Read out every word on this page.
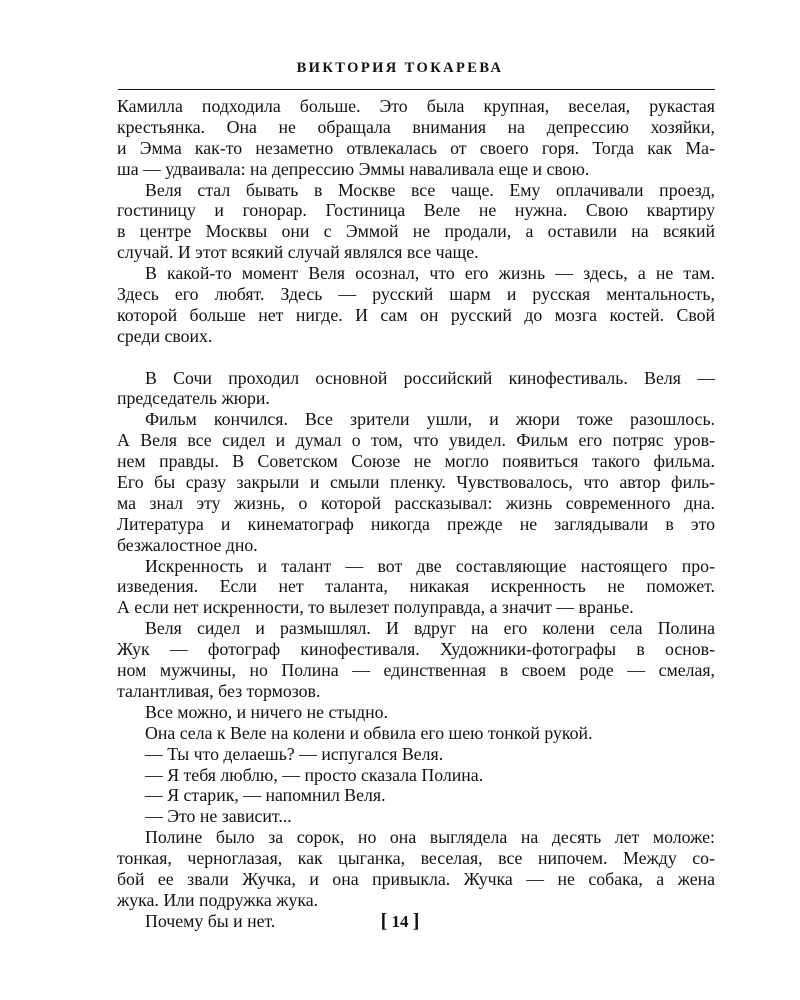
ВИКТОРИЯ ТОКАРЕВА
Камилла подходила больше. Это была крупная, веселая, рукастая
крестьянка. Она не обращала внимания на депрессию хозяйки,
и Эмма как-то незаметно отвлекалась от своего горя. Тогда как Ма-
ша — удваивала: на депрессию Эммы наваливала еще и свою.
Веля стал бывать в Москве все чаще. Ему оплачивали проезд,
гостиницу и гонорар. Гостиница Веле не нужна. Свою квартиру
в центре Москвы они с Эммой не продали, а оставили на всякий
случай. И этот всякий случай являлся все чаще.
В какой-то момент Веля осознал, что его жизнь — здесь, а не там.
Здесь его любят. Здесь — русский шарм и русская ментальность,
которой больше нет нигде. И сам он русский до мозга костей. Свой
среди своих.
В Сочи проходил основной российский кинофестиваль. Веля —
председатель жюри.
Фильм кончился. Все зрители ушли, и жюри тоже разошлось.
А Веля все сидел и думал о том, что увидел. Фильм его потряс уров-
нем правды. В Советском Союзе не могло появиться такого фильма.
Его бы сразу закрыли и смыли пленку. Чувствовалось, что автор филь-
ма знал эту жизнь, о которой рассказывал: жизнь современного дна.
Литература и кинематограф никогда прежде не заглядывали в это
безжалостное дно.
Искренность и талант — вот две составляющие настоящего про-
изведения. Если нет таланта, никакая искренность не поможет.
А если нет искренности, то вылезет полуправда, а значит — вранье.
Веля сидел и размышлял. И вдруг на его колени села Полина
Жук — фотограф кинофестиваля. Художники-фотографы в основ-
ном мужчины, но Полина — единственная в своем роде — смелая,
талантливая, без тормозов.
Все можно, и ничего не стыдно.
Она села к Веле на колени и обвила его шею тонкой рукой.
— Ты что делаешь? — испугался Веля.
— Я тебя люблю, — просто сказала Полина.
— Я старик, — напомнил Веля.
— Это не зависит...
Полине было за сорок, но она выглядела на десять лет моложе:
тонкая, черноглазая, как цыганка, веселая, все нипочем. Между со-
бой ее звали Жучка, и она привыкла. Жучка — не собака, а жена
жука. Или подружка жука.
Почему бы и нет.	[ 14 ]
